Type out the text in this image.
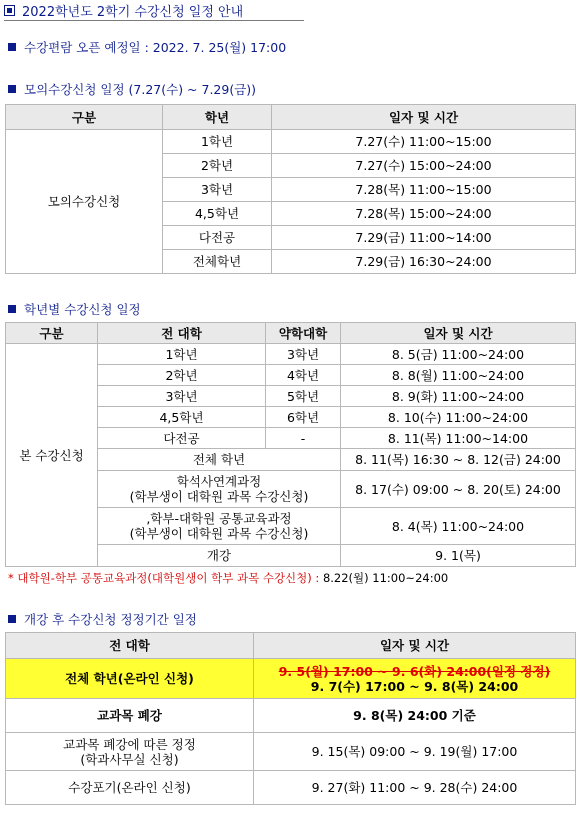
2022학년도 2학기 수강신청 일정 안내
수강편람 오픈 예정일 : 2022. 7. 25(월) 17:00
모의수강신청 일정 (7.27(수) ~ 7.29(금))
구분	학년	일자 및 시간
모의수강신청	1학년	7.27(수) 11:00~15:00
	2학년	7.27(수) 15:00~24:00
	3학년	7.28(목) 11:00~15:00
	4,5학년	7.28(목) 15:00~24:00
	다전공	7.29(금) 11:00~14:00
	전체학년	7.29(금) 16:30~24:00
학년별 수강신청 일정
구분	전 대학	약학대학	일자 및 시간
본 수강신청	1학년	3학년	8. 5(금) 11:00~24:00
	2학년	4학년	8. 8(월) 11:00~24:00
	3학년	5학년	8. 9(화) 11:00~24:00
	4,5학년	6학년	8. 10(수) 11:00~24:00
	다전공	-	8. 11(목) 11:00~14:00
	전체 학년		8. 11(목) 16:30 ~ 8. 12(금) 24:00

	학석사연계과정
(학부생이 대학원 과목 수강신청)		8. 17(수) 09:00 ~ 8. 20(토) 24:00

	,학부-대학원 공통교육과정
(학부생이 대학원 과목 수강신청)		8. 4(목) 11:00~24:00
	개강		9. 1(목)
* 대학원-학부 공통교육과정(대학원생이 학부 과목 수강신청) : 8.22(월) 11:00~24:00
개강 후 수강신청 정정기간 일정
전 대학	일자 및 시간
전체 학년(온라인 신청)	9. 5(월) 17:00 ~ 9. 6(화) 24:00(일정 정정)
9. 7(수) 17:00 ~ 9. 8(목) 24:00

교과목 폐강	9. 8(목) 24:00 기준

교과목 폐강에 따른 정정
(학과사무실 신청)	9. 15(목) 09:00 ~ 9. 19(월) 17:00
수강포기(온라인 신청)	9. 27(화) 11:00 ~ 9. 28(수) 24:00
